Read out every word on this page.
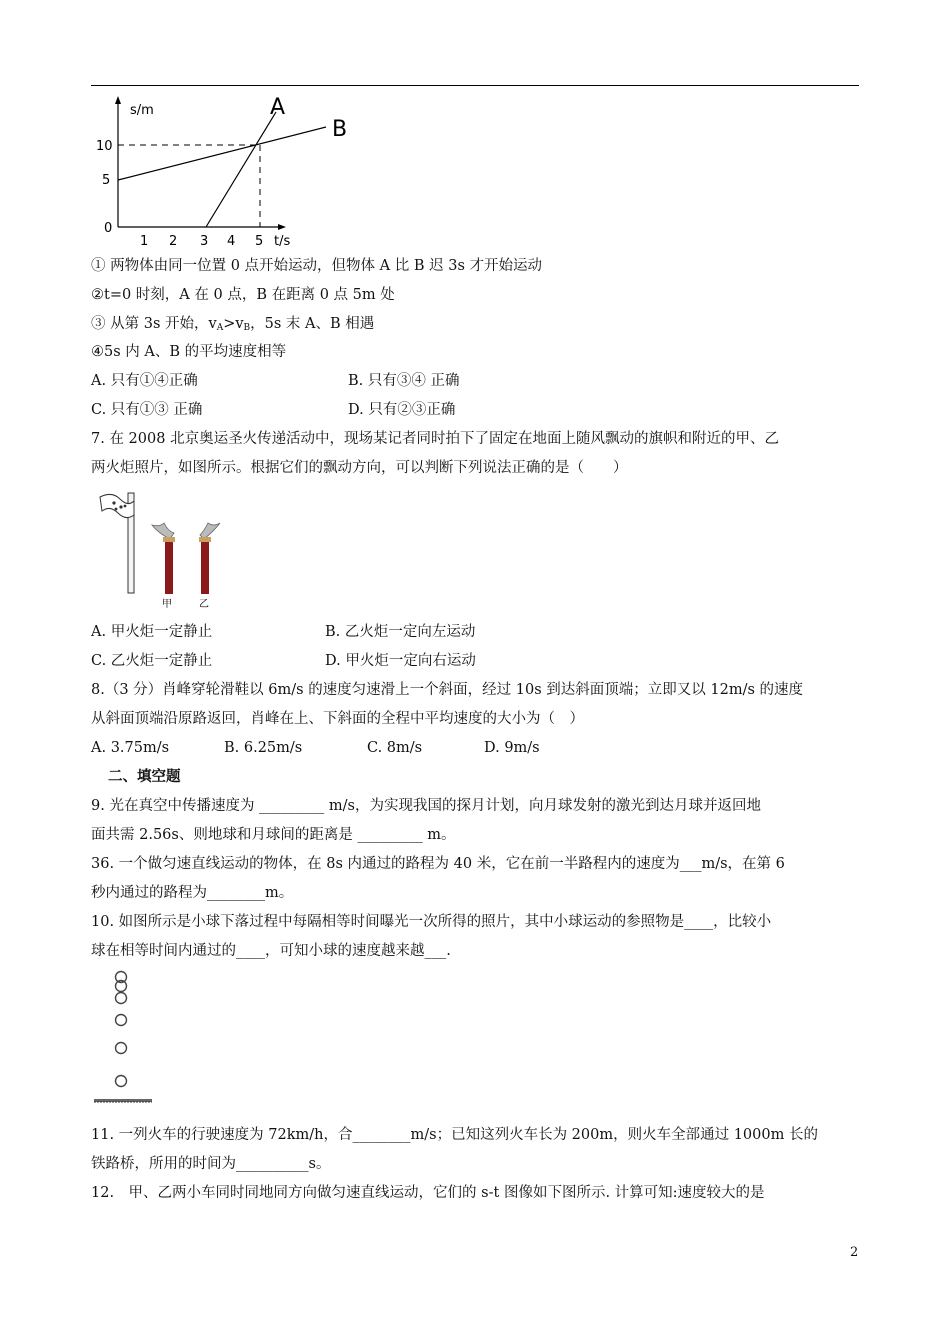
s/m	A
B
10
5
0
1 2 3 4 5 t/s
① 两物体由同一位置 0 点开始运动，但物体 A 比 B 迟 3s 才开始运动
②t=0 时刻，A 在 0 点，B 在距离 0 点 5m 处
③ 从第 3s 开始，$v_A>v_B$，5s 末 A、B 相遇
④5s 内 A、B 的平均速度相等
A. 只有①④正确	B. 只有③④ 正确
C. 只有①③ 正确	D. 只有②③正确
7. 在 2008 北京奥运圣火传递活动中，现场某记者同时拍下了固定在地面上随风飘动的旗帜和附近的甲、乙
两火炬照片，如图所示。根据它们的飘动方向，可以判断下列说法正确的是（　　）
甲	乙
A. 甲火炬一定静止	B. 乙火炬一定向左运动
C. 乙火炬一定静止	D. 甲火炬一定向右运动
8.（3 分）肖峰穿轮滑鞋以 6m/s 的速度匀速滑上一个斜面，经过 10s 到达斜面顶端；立即又以 12m/s 的速度
从斜面顶端沿原路返回，肖峰在上、下斜面的全程中平均速度的大小为（　）
A. 3.75m/s	B. 6.25m/s	C. 8m/s	D. 9m/s
二、填空题
9. 光在真空中传播速度为 _________ m/s，为实现我国的探月计划，向月球发射的激光到达月球并返回地
面共需 2.56s、则地球和月球间的距离是 _________ m。
36. 一个做匀速直线运动的物体，在 8s 内通过的路程为 40 米，它在前一半路程内的速度为___m/s，在第 6
秒内通过的路程为________m。
10. 如图所示是小球下落过程中每隔相等时间曝光一次所得的照片，其中小球运动的参照物是____，比较小
球在相等时间内通过的____，可知小球的速度越来越___.
11. 一列火车的行驶速度为 72km/h，合________m/s；已知这列火车长为 200m，则火车全部通过 1000m 长的
铁路桥，所用的时间为__________s。
12.　甲、乙两小车同时同地同方向做匀速直线运动，它们的 s-t 图像如下图所示. 计算可知:速度较大的是
2
